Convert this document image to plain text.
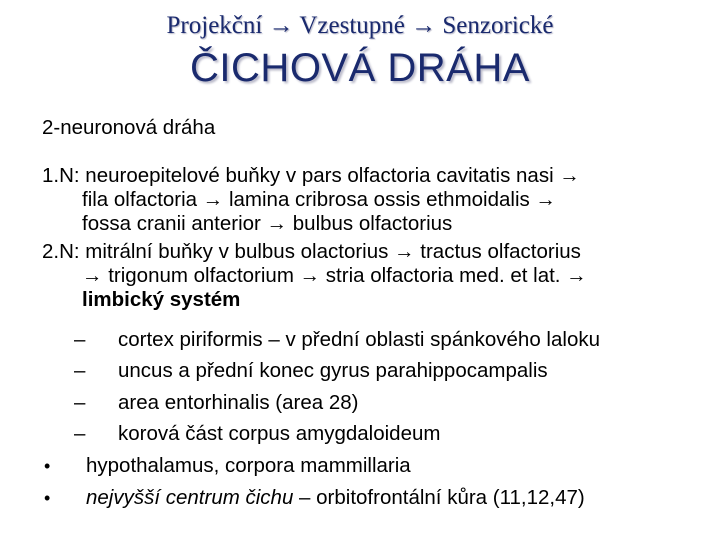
Projekční → Vzestupné → Senzorické
ČICHOVÁ DRÁHA
2-neuronová dráha
1.N: neuroepitelové buňky v pars olfactoria cavitatis nasi →
fila olfactoria → lamina cribrosa ossis ethmoidalis →
fossa cranii anterior → bulbus olfactorius
2.N: mitrální buňky v bulbus olactorius → tractus olfactorius
→ trigonum olfactorium → stria olfactoria med. et lat. →
limbický systém
– cortex piriformis – v přední oblasti spánkového laloku
– uncus a přední konec gyrus parahippocampalis
– area entorhinalis (area 28)
– korová část corpus amygdaloideum
• hypothalamus, corpora mammillaria
• nejvyšší centrum čichu – orbitofrontální kůra (11,12,47)
